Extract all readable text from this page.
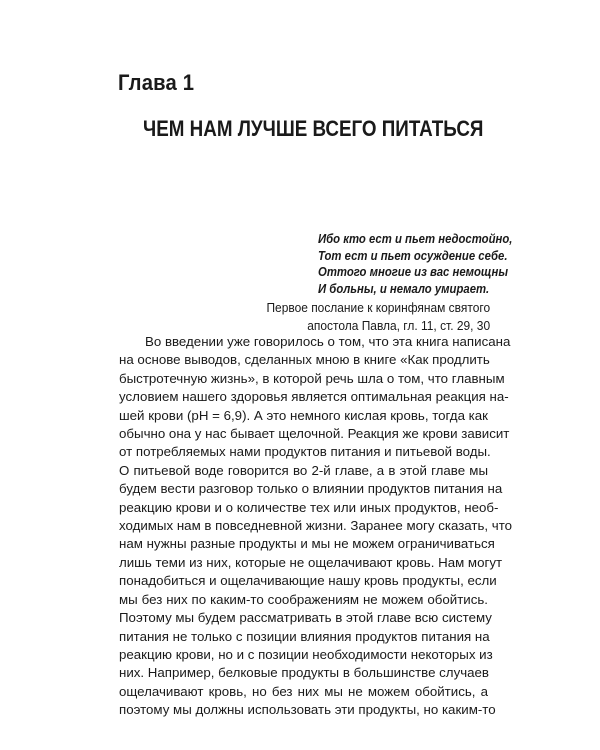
Глава 1
ЧЕМ НАМ ЛУЧШЕ ВСЕГО ПИТАТЬСЯ
Ибо кто ест и пьет недостойно,
Тот ест и пьет осуждение себе.
Оттого многие из вас немощны
И больны, и немало умирает.
Первое послание к коринфянам святого
апостола Павла, гл. 11, ст. 29, 30
Во введении уже говорилось о том, что эта книга написана
на основе выводов, сделанных мною в книге «Как продлить
быстротечную жизнь», в которой речь шла о том, что главным
условием нашего здоровья является оптимальная реакция на-
шей крови (рН = 6,9). А это немного кислая кровь, тогда как
обычно она у нас бывает щелочной. Реакция же крови зависит
от потребляемых нами продуктов питания и питьевой воды.
О питьевой воде говорится во 2-й главе, а в этой главе мы
будем вести разговор только о влиянии продуктов питания на
реакцию крови и о количестве тех или иных продуктов, необ-
ходимых нам в повседневной жизни. Заранее могу сказать, что
нам нужны разные продукты и мы не можем ограничиваться
лишь теми из них, которые не ощелачивают кровь. Нам могут
понадобиться и ощелачивающие нашу кровь продукты, если
мы без них по каким-то соображениям не можем обойтись.
Поэтому мы будем рассматривать в этой главе всю систему
питания не только с позиции влияния продуктов питания на
реакцию крови, но и с позиции необходимости некоторых из
них. Например, белковые продукты в большинстве случаев
ощелачивают кровь, но без них мы не можем обойтись, а
поэтому мы должны использовать эти продукты, но каким-то
